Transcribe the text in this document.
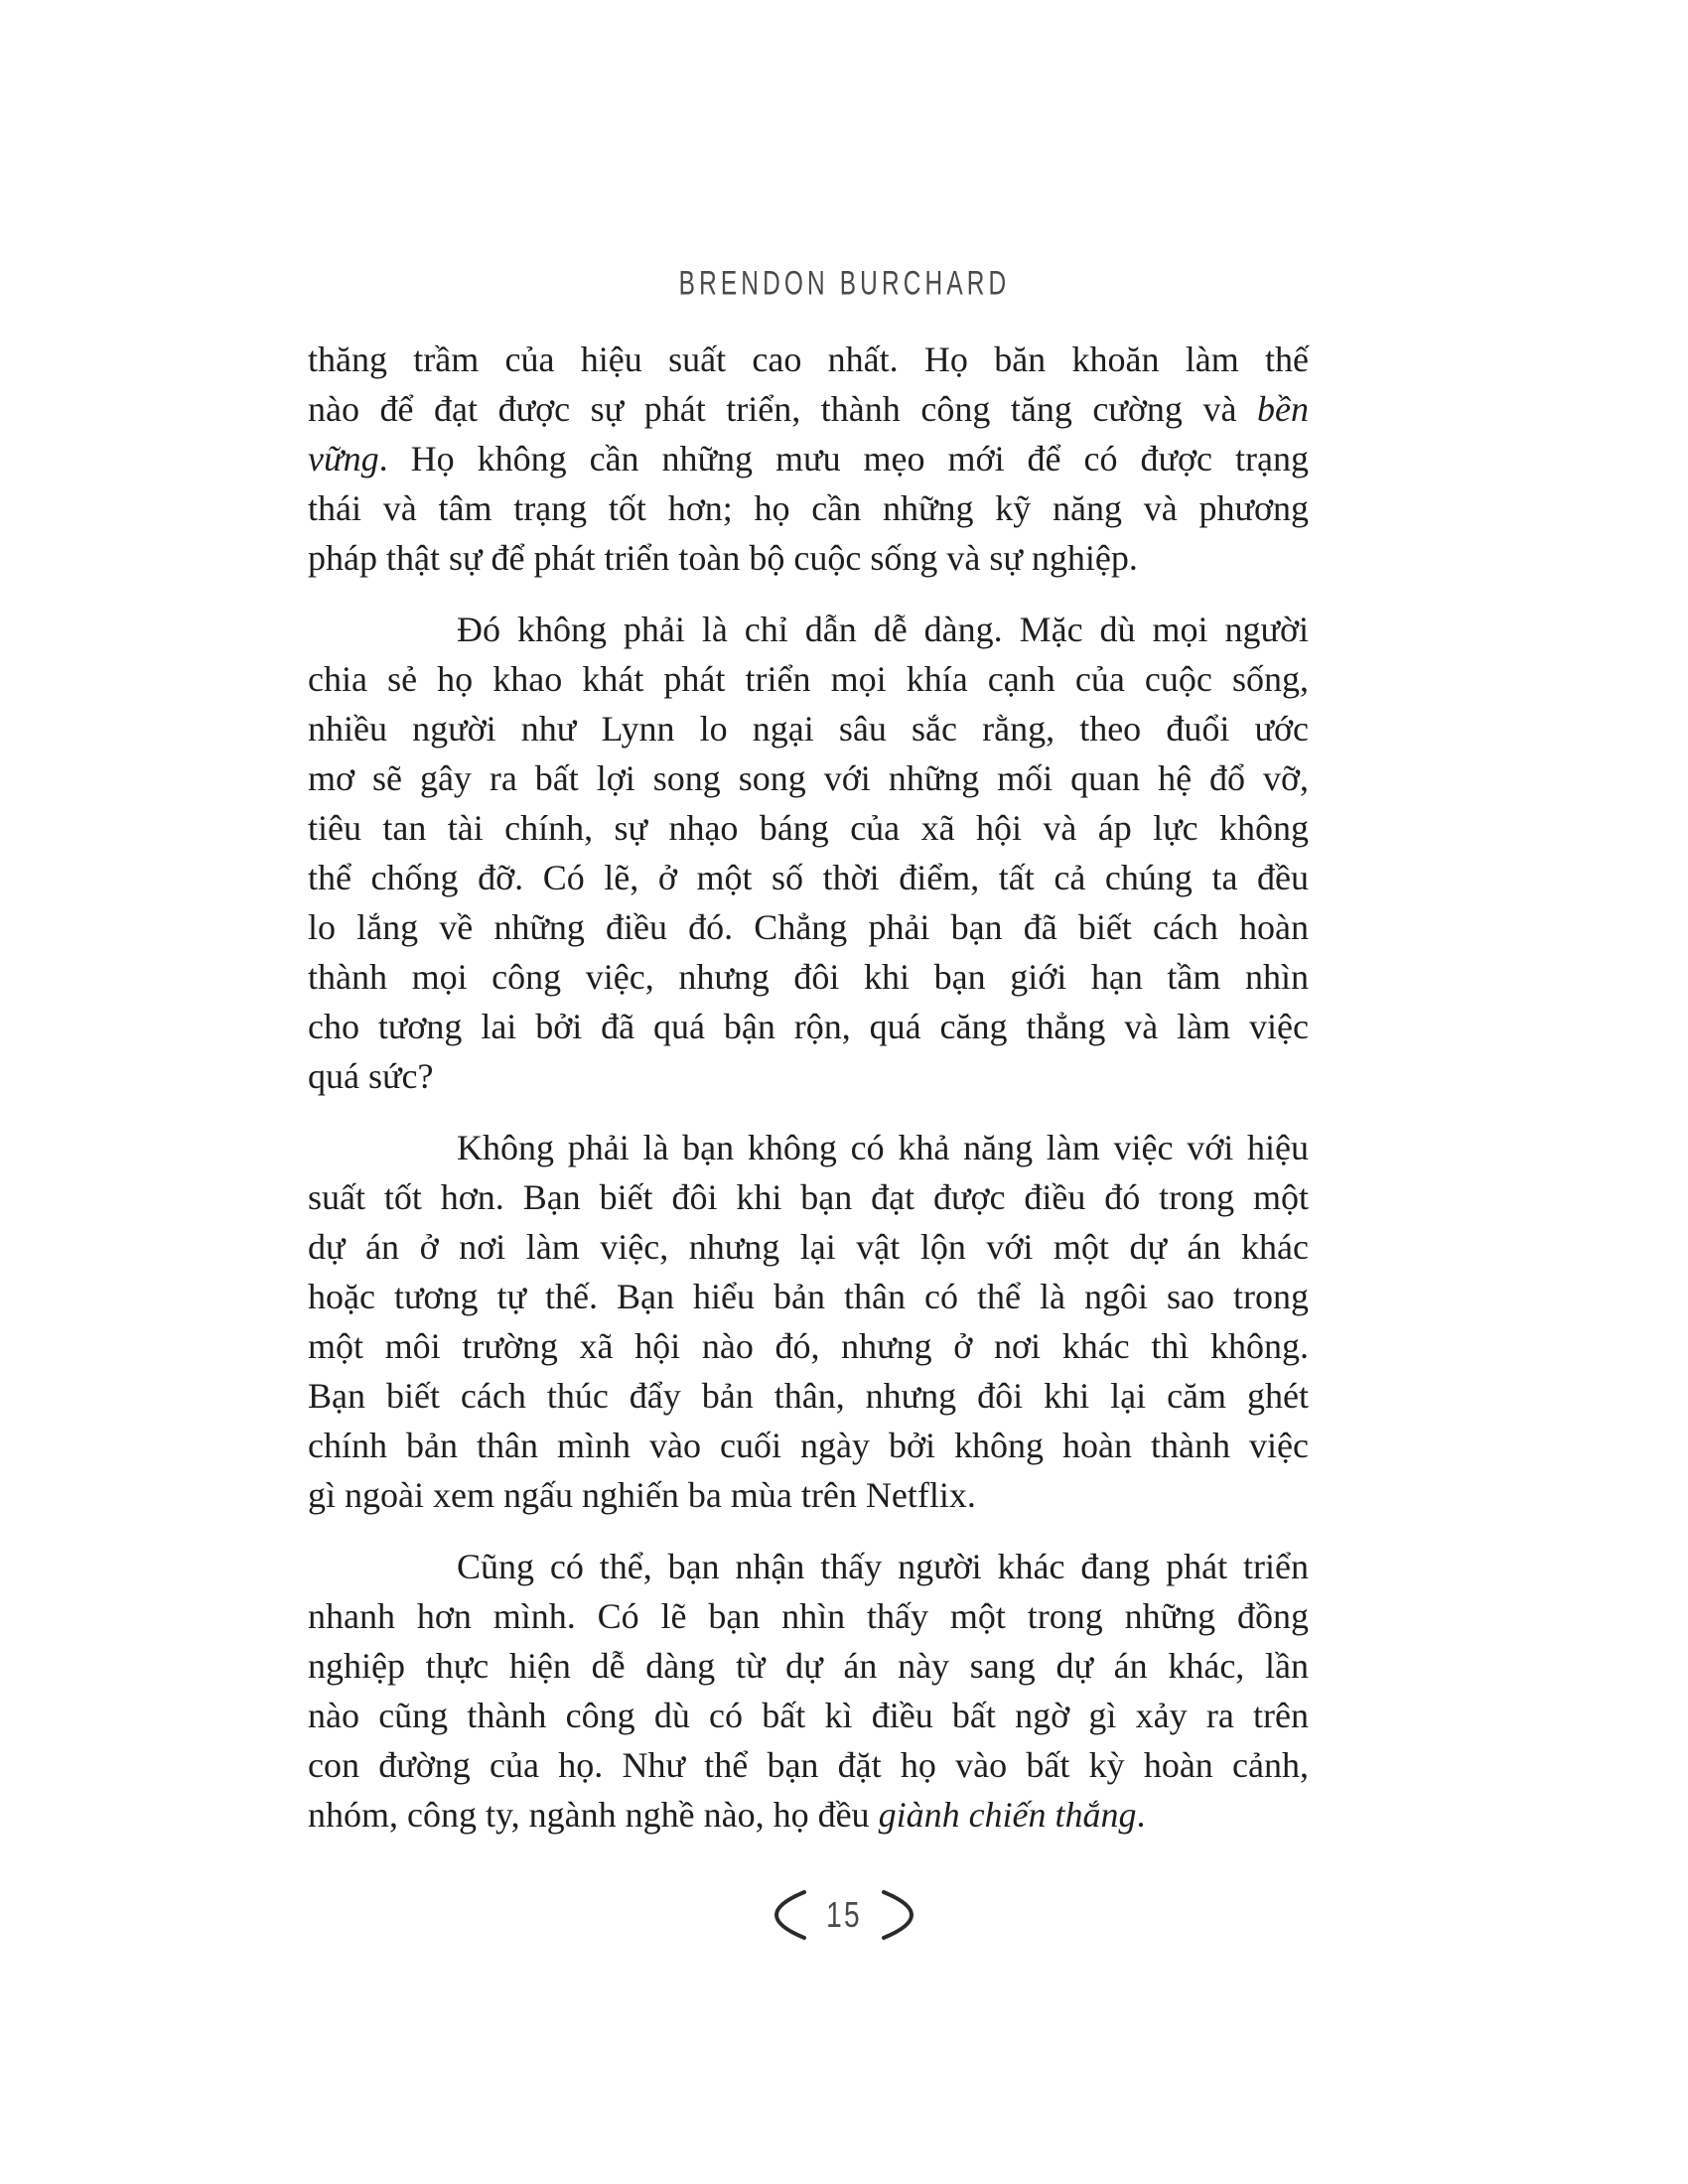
BRENDON BURCHARD
thăng trầm của hiệu suất cao nhất. Họ băn khoăn làm thế
nào để đạt được sự phát triển, thành công tăng cường và bền
vững. Họ không cần những mưu mẹo mới để có được trạng
thái và tâm trạng tốt hơn; họ cần những kỹ năng và phương
pháp thật sự để phát triển toàn bộ cuộc sống và sự nghiệp.
Đó không phải là chỉ dẫn dễ dàng. Mặc dù mọi người
chia sẻ họ khao khát phát triển mọi khía cạnh của cuộc sống,
nhiều người như Lynn lo ngại sâu sắc rằng, theo đuổi ước
mơ sẽ gây ra bất lợi song song với những mối quan hệ đổ vỡ,
tiêu tan tài chính, sự nhạo báng của xã hội và áp lực không
thể chống đỡ. Có lẽ, ở một số thời điểm, tất cả chúng ta đều
lo lắng về những điều đó. Chẳng phải bạn đã biết cách hoàn
thành mọi công việc, nhưng đôi khi bạn giới hạn tầm nhìn
cho tương lai bởi đã quá bận rộn, quá căng thẳng và làm việc
quá sức?
Không phải là bạn không có khả năng làm việc với hiệu
suất tốt hơn. Bạn biết đôi khi bạn đạt được điều đó trong một
dự án ở nơi làm việc, nhưng lại vật lộn với một dự án khác
hoặc tương tự thế. Bạn hiểu bản thân có thể là ngôi sao trong
một môi trường xã hội nào đó, nhưng ở nơi khác thì không.
Bạn biết cách thúc đẩy bản thân, nhưng đôi khi lại căm ghét
chính bản thân mình vào cuối ngày bởi không hoàn thành việc
gì ngoài xem ngấu nghiến ba mùa trên Netflix.
Cũng có thể, bạn nhận thấy người khác đang phát triển
nhanh hơn mình. Có lẽ bạn nhìn thấy một trong những đồng
nghiệp thực hiện dễ dàng từ dự án này sang dự án khác, lần
nào cũng thành công dù có bất kì điều bất ngờ gì xảy ra trên
con đường của họ. Như thể bạn đặt họ vào bất kỳ hoàn cảnh,
nhóm, công ty, ngành nghề nào, họ đều giành chiến thắng.
15
